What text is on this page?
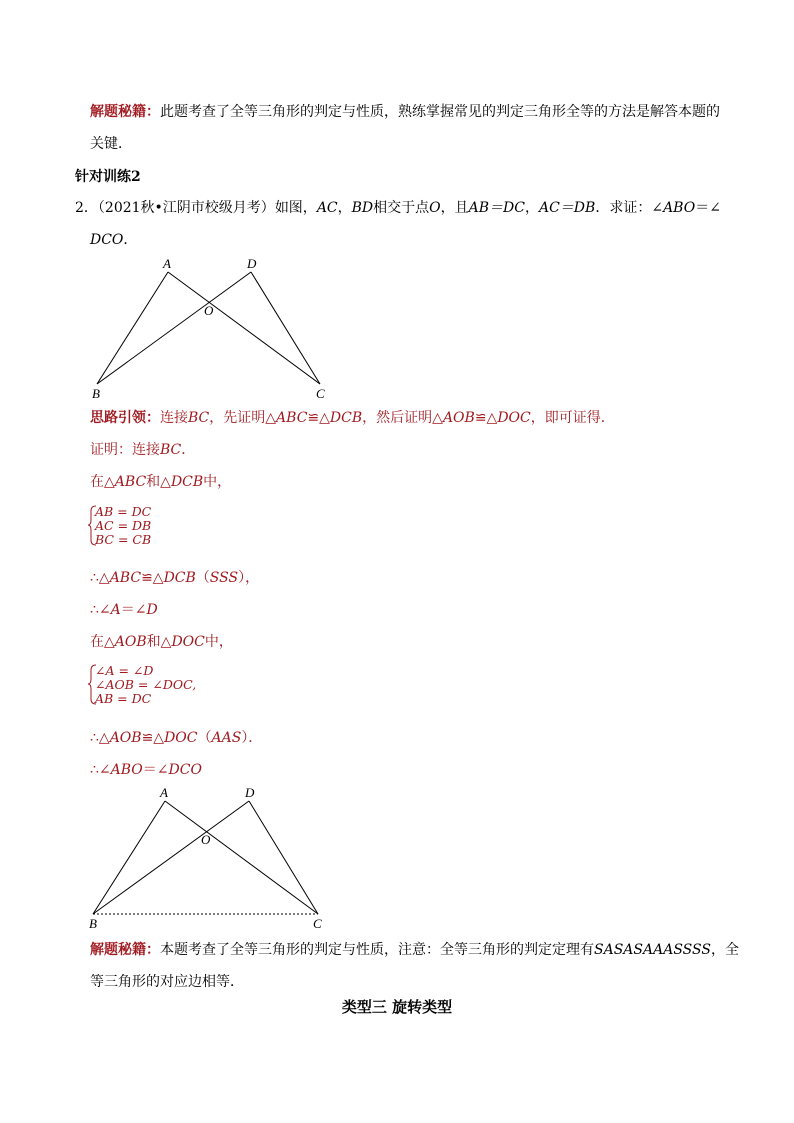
解题秘籍：此题考查了全等三角形的判定与性质，熟练掌握常见的判定三角形全等的方法是解答本题的
关键．
针对训练2
2．（2021秋•江阴市校级月考）如图，AC，BD相交于点O，且AB＝DC，AC＝DB．求证：∠ABO＝∠
DCO．
A	D
O
B	C
思路引领：连接BC，先证明△ABC≌△DCB，然后证明△AOB≌△DOC，即可证得．
证明：连接BC．
在△ABC和△DCB中，
AB = DC
AC = DB
BC = CB
∴△ABC≌△DCB（SSS），
∴∠A＝∠D
在△AOB和△DOC中，
∠A = ∠D
∠AOB = ∠DOC,
AB = DC
∴△AOB≌△DOC（AAS）．
∴∠ABO＝∠DCO
A	D
O
B	C
解题秘籍：本题考查了全等三角形的判定与性质，注意：全等三角形的判定定理有SASASAAASSSS，全
等三角形的对应边相等．
类型三 旋转类型
